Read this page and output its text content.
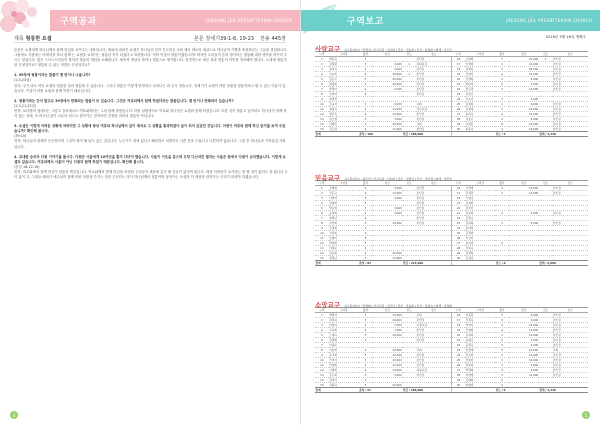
구역공과	JAESONG JEIL PRESBYTERIAN CHURCH
제목 형통한 요셉	본문 창세기39:1-6, 19-23 찬송 445장

본문은 요셉에게 하나님께서 함께 하심을 보여주는 내용입니다. 애굽에 내려간 요셉은 하나님의 길이 인도하심 나타 계속 바로의 애굽으로 하나님이 기쁨과 축복하신는 그들을 경험합니다. 그럼에도 사람에는 어려지를 하나 함께 는 요셉을 요게기는 형통한 자가 되었다고 표현합니다. 여하 이것이 형통이겠습니까? 하지만 우리들이 흔히 생각하는 형통해 대한 생각을 바꾸어 주시는 것입니다. 많은 그리스도인들이 복이라 형통의 개념을 오해합니다. 세속적 개념의 복이나 형통으로 생각합니다. 성경적으로 바른 복과 형통이 이미를 정리해야 합니다. 도대체 형통이란 무엇일까요? 형통할 수 있는 비결은 무엇일까요?

1. 39장에 형통이라는 말씀이 몇 번이나 나옵니까?
(2,3,23절)
먼저: 우가 비도 아닌 요셉의 형통한 결과 형통할 수 있습니다. 그러나 형통은 이렇게 반영하고 나타나는 과 우가 정습니다. 정세기가 요셉이 어떤 상황을 형통하려고 할 수 있는 이유가 있습니다. 이것이 어떤 요셉과 함께 하셨기 때문입니다.

2. 형통이라는 단어 말고도 39장에서 반복되는 말씀이 또 있습니다. 그것은 여호와께서 함께 하셨더라는 말씀입니다. 몇 번이나 반복되어 있습니까?
(2,3,21,23절)
먼저: 보다별의 집에서는 그렇고 감옥에서도 여호와께서는 그의 함께 하셨습니다. 어떤 상황에서도 여호와 하나님은 요셉과 함께 하셨습니다. 또한 것이 형통고 있어서도 하나님이 함께 하지 않는 상태, 즉 하나님 없이 나온의 엄으로 살아가는 것이라면 진정한 의미의 형통이 아닙니다.

3. 요셉은 이렇게 어려운 상황에 처하지만 그 상황에 항상 여호와 하나님께서 같이 계셔요 그 상황을 통과하였어 살이 되어 있었던 것입니다. 어떤이 여호와 함께 하신 증거를 보여 주었습니까? 확인해 봅시다.
(39:10)
먼저: 하나님과 관계가 든든하다면 그것이 복이 될 낯도 있는 것입니다. 누군가가 곁에 없다고 해선하고 처벌하고 나쁜 운을 두었다고 나쁜하지 않습니다. 그렇 후 하나님과 가까워질 기회입니다.

4. 위대한 승리자 다윗 이야기를 봅시다. 다윗은 사울에게 10여년을 쫓겨 다녀야 했습니다. 사울이 이웃을 분으며 도망 다닌셔던 결과는 사울은 왕에서 다윗이 승리했습니다. 이렇게 요셉과 같습니다. 여호와께서 사울이 아닌 다윗과 함께 하셨기 때문입니다. 확인해 봅시다.
(삼상 18:12-16)
먼저: 여호와께서 함께 하심이 형통의 핵심입니다. 여호와께서 함께 하심을 처형한 우리들이 세상에 흥가 될 것들이 있어야 합니다. 세상 사람들이 보기에는 잘 될 것이 없어도 잘 됩니다 우리 삶이 고, 그대들 때마다 예수님이 함께 어떤 상황을 가지는 것의 주신다는 것이 하나님께서 형통이며 살아가는 요셉과 이 세상을 살아가는 우리가 되셔야 하겠습니다.

4
구역보고	JAESONG JEIL PRESBYTERIAN CHURCH
2018년 9월 16일 셋째주
사랑교구 교구장(목사) : 박경성 | 부교구장 : 이순희 | 총무 : 김순희 | 서기 : 허정희 | 회계 : 김은주
구역	구역장	출석	헌금	전도	장소	구역	구역장	출석	헌금	전도	장소
1	박문숙	3			본인집	16	오현희	7	21,000	1	본인집
2	김희원	3	4,000	1	김희원집	17	안경희	2	10,000		본인집
3	최미숙	3	3,000		본인집	18	김영자	3	25,000		본인집
4	이순희	5	18,000	1	본인집	19	강영자	2	10,000		본인집
5	김은주	5	20,000		본인집	20	김경희	3	5,000		본인집
6	최정희	4	10,000		본인집	21	박순희	5	5,000		본인집
7	한경아	2	2,000		본인집	22	함은경	3	10,000		본인집
8	김미자	4			본인집	23	이경숙				
9	최영선					24	이순남	3	3,000		
10	김숙자	3	9,000		교회	25	김정희	2	6,000		본인집
11	최정숙	3	11,000		장우자집	26	김정애	3	14,000		본인집
12	정신옥	4	12,000		본인집	27	송미숙	4	12,000		본인집
13	김소영	3	3,000		본인집	28	이효은	4	5,000		본인집
14	이해옥	3	15,000		교회	29	조정신	6	10,000		본인집
15	김은정	4	11,000		본인집	30	최용숙	4	16,000		본인집
합계		출석 / 100		헌금 / 286,000				전도 / 3		합계 / 3,236	
믿음교구 교구장(목사) : 최은미 | 부교구장 : 이동희 | 총무 : 김정님 | 서기 : 김미경 | 회계 : 서민선
구역	구역장	출석	헌금	전도	장소	구역	구역장	출석	헌금	전도	장소
1	강병섭	5	3,000		본인집	16	서경애	4	15,000		본인집
2	신은숙	4	13,000		본인집	17	김경원	4	13,000		본인집
3	이혜자	3	3,000		본인집	18	이영숙				
4	김영희	4			본인집	19	조영희				
5	박순영	3	3,000		본인집	20	김미진				
6	윤정희	2	4,000		본인집	21	김순희	3	5,000		본인집
7	최정님	4			본인집	22	김경숙				
8	이선희	3	10,000		본인집	23	김복희	3	5,000		본인집
9	우정희	3				24	김미희				
10	이선희	3				25	김경희				
11	김영미	3				26	신금자				
12	박재정	3				27	송미경	2			
13	이혜순	4				28	신희숙				
14	김동희	4	16,000			29	김경희				
15	정정남	3	11,000			30	김정남				
합계		출석 / 84		헌금 / 215,000				전도 / 0		합계 / 2,086	
소망교구 교구장(목사) : 박정희 | 부교구장 : 김은덕 | 총무 : 조윤희 | 서기 : 김영숙 | 회계 : 김정화
구역	구역장	출석	헌금	전도	장소	구역	구역장	출석	헌금	전도	장소
1	박경자	3	13,000		교회	16	이용원	3	5,000		본인집
2	최경숙	3	10,000		본인집	17	신경숙	4	2,000		본인집
3	이정아	3	7,000		이경교집	18	박인자	4	15,000		본인집
4	이숙희	3	7,000		본인집	19	신영희	4	12,000		본인집
5	노재숙	3	10,000		본인집	20	김옥희	3	10,000		본인집
6	김정화	3			본인집	21	윤정숙	3	5,000		본인집
7	이정순					22	윤경숙	3	5,000		본인집
8	이용희	2	10,000		교회	23	전경애	3	10,000		교회
9	유주희	5	10,000		본인집	24	전은희	3	10,000		본인집
10	안미자	3	10,000		본인집	25	권영자	3	10,000		본인집
11	안정희	3	12,000		본인집	26	박순희	3	5,000		본인집
12	이경희	4	14,000		최정숙집	27	박경희	3	5,000		본인집
13	강은희	3	3,000		본인집	28	이정애	3	12,000		본인집
14	김미자	3				29	김영화	3			
15	신희숙	5	42,000			30	최영미	3			
합계		출석 / 97		헌금 / 286,000				전도 / 0		합계 / 3,240	
5
